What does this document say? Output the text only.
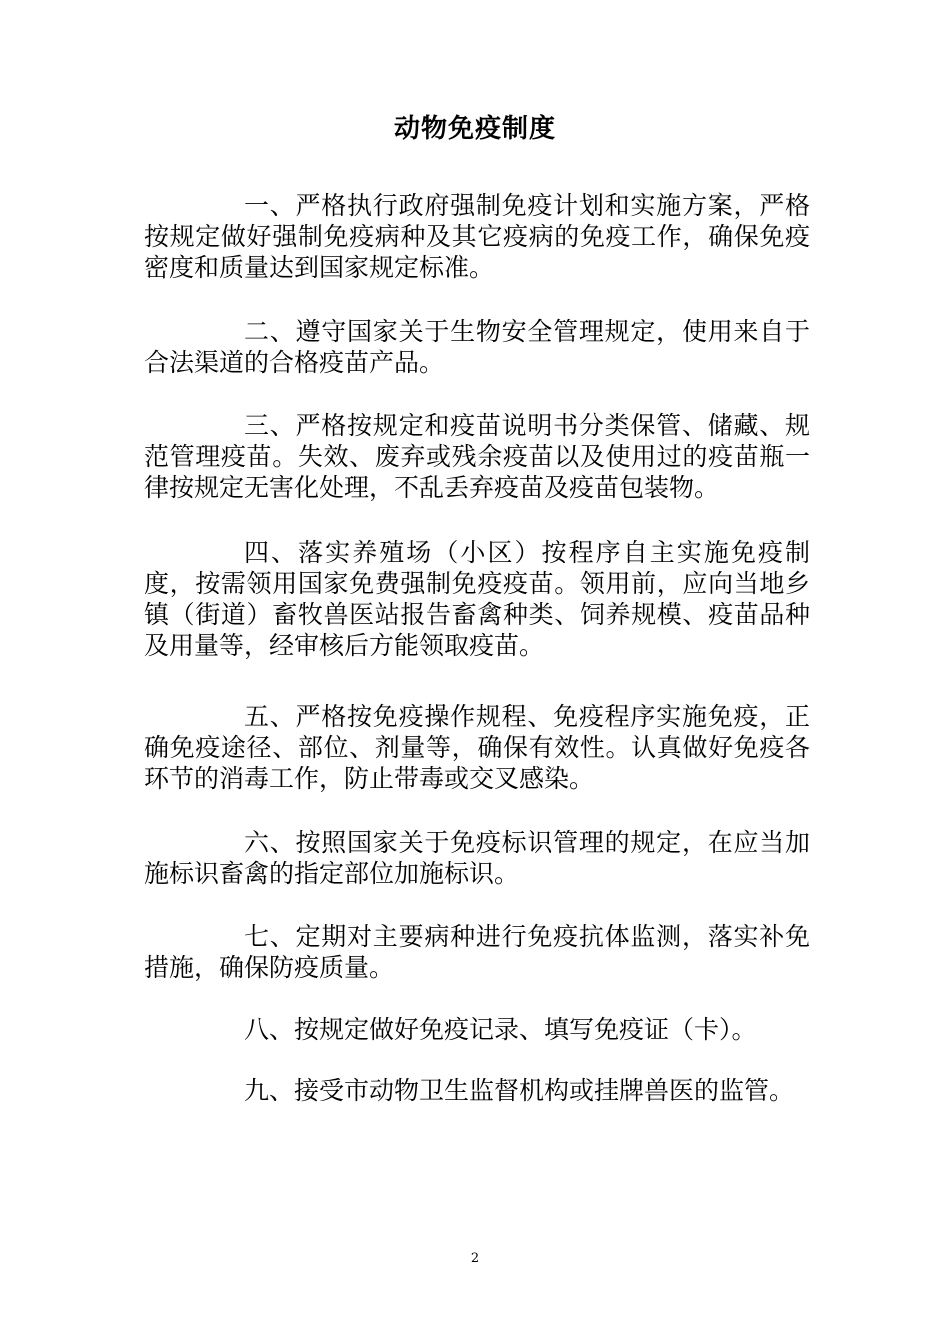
动物免疫制度

一、严格执行政府强制免疫计划和实施方案，严格按规定做好强制免疫病种及其它疫病的免疫工作，确保免疫密度和质量达到国家规定标准。

二、遵守国家关于生物安全管理规定，使用来自于合法渠道的合格疫苗产品。

三、严格按规定和疫苗说明书分类保管、储藏、规范管理疫苗。失效、废弃或残余疫苗以及使用过的疫苗瓶一律按规定无害化处理，不乱丢弃疫苗及疫苗包装物。

四、落实养殖场（小区）按程序自主实施免疫制度，按需领用国家免费强制免疫疫苗。领用前，应向当地乡镇（街道）畜牧兽医站报告畜禽种类、饲养规模、疫苗品种及用量等，经审核后方能领取疫苗。

五、严格按免疫操作规程、免疫程序实施免疫，正确免疫途径、部位、剂量等，确保有效性。认真做好免疫各环节的消毒工作，防止带毒或交叉感染。

六、按照国家关于免疫标识管理的规定，在应当加施标识畜禽的指定部位加施标识。

七、定期对主要病种进行免疫抗体监测，落实补免措施，确保防疫质量。

八、按规定做好免疫记录、填写免疫证（卡）。

九、接受市动物卫生监督机构或挂牌兽医的监管。

2
